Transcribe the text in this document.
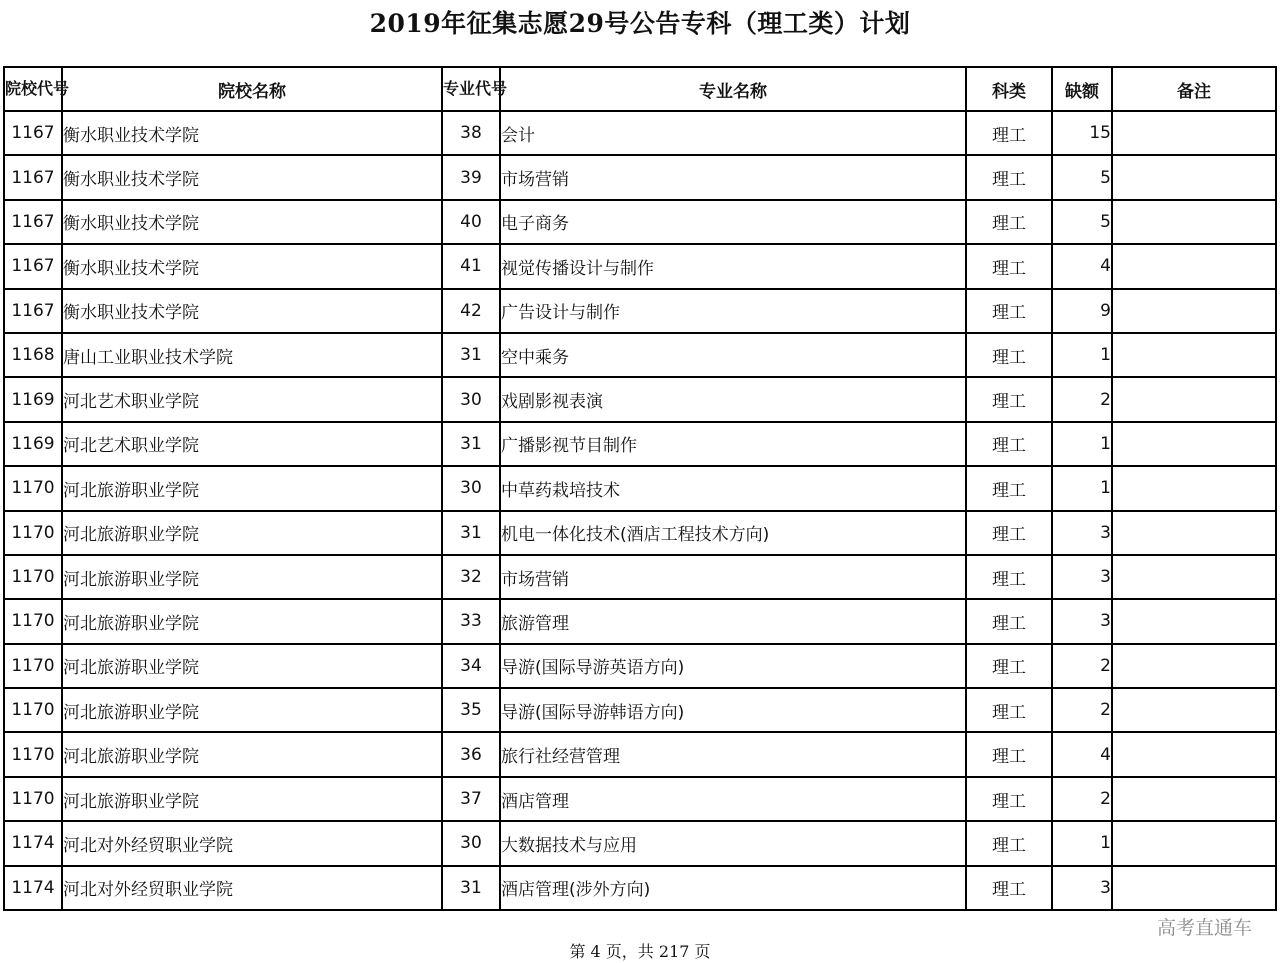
2019年征集志愿29号公告专科（理工类）计划
院校代号	院校名称	专业代号	专业名称	科类	缺额	备注
1167	衡水职业技术学院	38	会计	理工	15	
1167	衡水职业技术学院	39	市场营销	理工	5	
1167	衡水职业技术学院	40	电子商务	理工	5	
1167	衡水职业技术学院	41	视觉传播设计与制作	理工	4	
1167	衡水职业技术学院	42	广告设计与制作	理工	9	
1168	唐山工业职业技术学院	31	空中乘务	理工	1	
1169	河北艺术职业学院	30	戏剧影视表演	理工	2	
1169	河北艺术职业学院	31	广播影视节目制作	理工	1	
1170	河北旅游职业学院	30	中草药栽培技术	理工	1	
1170	河北旅游职业学院	31	机电一体化技术(酒店工程技术方向)	理工	3	
1170	河北旅游职业学院	32	市场营销	理工	3	
1170	河北旅游职业学院	33	旅游管理	理工	3	
1170	河北旅游职业学院	34	导游(国际导游英语方向)	理工	2	
1170	河北旅游职业学院	35	导游(国际导游韩语方向)	理工	2	
1170	河北旅游职业学院	36	旅行社经营管理	理工	4	
1170	河北旅游职业学院	37	酒店管理	理工	2	
1174	河北对外经贸职业学院	30	大数据技术与应用	理工	1	
1174	河北对外经贸职业学院	31	酒店管理(涉外方向)	理工	3	
高考直通车
第 4 页，共 217 页
